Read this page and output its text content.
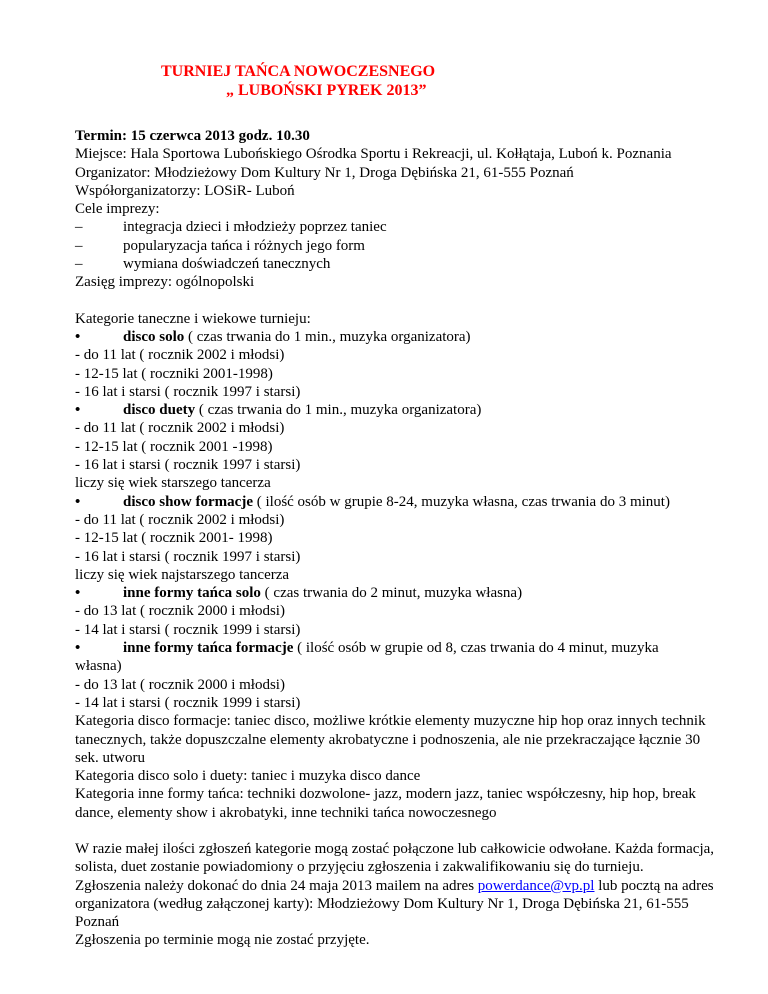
TURNIEJ TAŃCA NOWOCZESNEGO
„ LUBOŃSKI PYREK 2013”
Termin: 15 czerwca 2013 godz. 10.30
Miejsce: Hala Sportowa Lubońskiego Ośrodka Sportu i Rekreacji, ul. Kołłątaja, Luboń k. Poznania
Organizator: Młodzieżowy Dom Kultury Nr 1, Droga Dębińska 21, 61-555 Poznań
Współorganizatorzy: LOSiR- Luboń
Cele imprezy:
–	integracja dzieci i młodzieży poprzez taniec
–	popularyzacja tańca i różnych jego form
–	wymiana doświadczeń tanecznych
Zasięg imprezy: ogólnopolski
Kategorie taneczne i wiekowe turnieju:
•	disco solo ( czas trwania do 1 min., muzyka organizatora)
- do 11 lat ( rocznik 2002 i młodsi)
- 12-15 lat ( roczniki 2001-1998)
- 16 lat i starsi ( rocznik 1997 i starsi)
•	disco duety ( czas trwania do 1 min., muzyka organizatora)
- do 11 lat ( rocznik 2002 i młodsi)
- 12-15 lat ( rocznik 2001 -1998)
- 16 lat i starsi ( rocznik 1997 i starsi)
liczy się wiek starszego tancerza
•	disco show formacje ( ilość osób w grupie 8-24, muzyka własna, czas trwania do 3 minut)
- do 11 lat ( rocznik 2002 i młodsi)
- 12-15 lat ( rocznik 2001- 1998)
- 16 lat i starsi ( rocznik 1997 i starsi)
liczy się wiek najstarszego tancerza
•	inne formy tańca solo ( czas trwania do 2 minut, muzyka własna)
- do 13 lat ( rocznik 2000 i młodsi)
- 14 lat i starsi ( rocznik 1999 i starsi)
•	inne formy tańca formacje ( ilość osób w grupie od 8, czas trwania do 4 minut, muzyka
własna)
- do 13 lat ( rocznik 2000 i młodsi)
- 14 lat i starsi ( rocznik 1999 i starsi)
Kategoria disco formacje: taniec disco, możliwe krótkie elementy muzyczne hip hop oraz innych technik tanecznych, także dopuszczalne elementy akrobatyczne i podnoszenia, ale nie przekraczające łącznie 30 sek. utworu
Kategoria disco solo i duety: taniec i muzyka disco dance
Kategoria inne formy tańca: techniki dozwolone- jazz, modern jazz, taniec współczesny, hip hop, break dance, elementy show i akrobatyki, inne techniki tańca nowoczesnego
W razie małej ilości zgłoszeń kategorie mogą zostać połączone lub całkowicie odwołane. Każda formacja, solista, duet zostanie powiadomiony o przyjęciu zgłoszenia i zakwalifikowaniu się do turnieju.
Zgłoszenia należy dokonać do dnia 24 maja 2013 mailem na adres powerdance@vp.pl lub pocztą na adres organizatora (według załączonej karty): Młodzieżowy Dom Kultury Nr 1, Droga Dębińska 21, 61-555 Poznań
Zgłoszenia po terminie mogą nie zostać przyjęte.
